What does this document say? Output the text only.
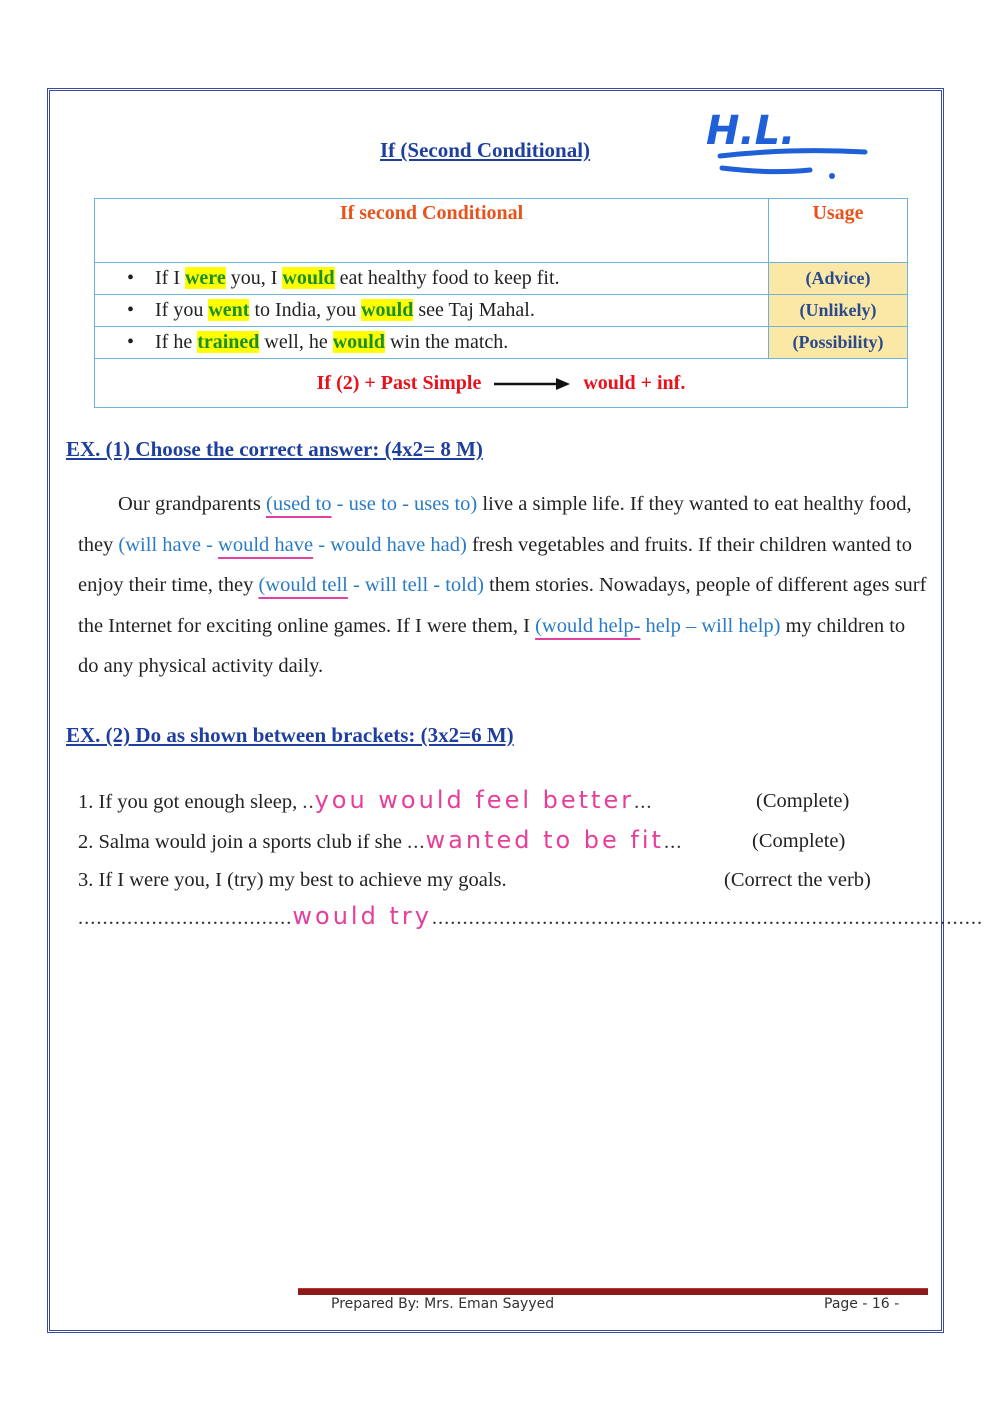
If (Second Conditional)	H.L.
If second Conditional	Usage
• If I were you, I would eat healthy food to keep fit.	(Advice)
• If you went to India, you would see Taj Mahal.	(Unlikely)
• If he trained well, he would win the match.	(Possibility)
If (2) + Past Simple would + inf.	
EX. (1) Choose the correct answer: (4x2= 8 M)
Our grandparents (used to - use to - uses to) live a simple life. If they wanted to eat healthy food, they (will have - would have - would have had) fresh vegetables and fruits. If their children wanted to enjoy their time, they (would tell - will tell - told) them stories. Nowadays, people of different ages surf the Internet for exciting online games. If I were them, I (would help- help – will help) my children to do any physical activity daily.
EX. (2) Do as shown between brackets: (3x2=6 M)
1. If you got enough sleep, ..you would feel better...	(Complete)
2. Salma would join a sports club if she ...wanted to be fit...	(Complete)
3. If I were you, I (try) my best to achieve my goals.	(Correct the verb)
...................................would try..........................................................................................
Prepared By: Mrs. Eman Sayyed	Page - 16 -
